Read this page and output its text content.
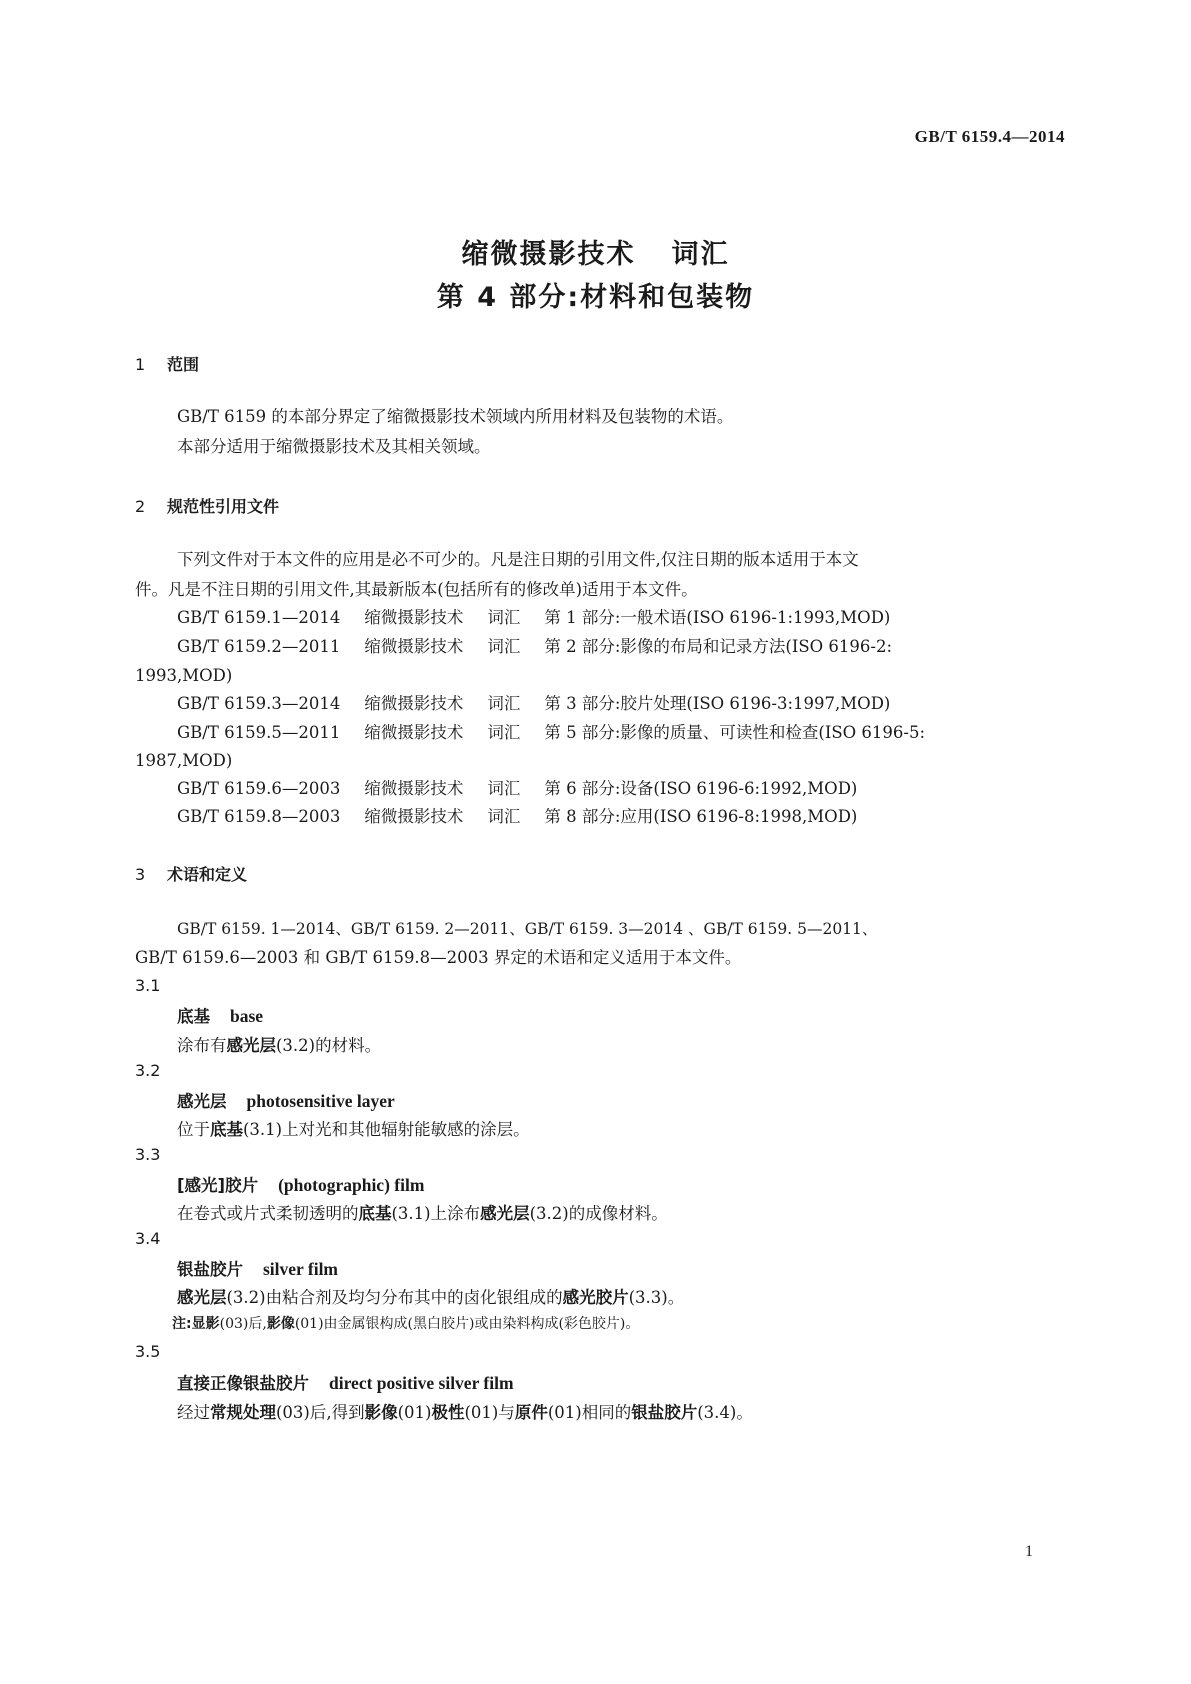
GB/T 6159.4—2014
缩微摄影技术 词汇
第 4 部分:材料和包装物
1 范围
GB/T 6159 的本部分界定了缩微摄影技术领域内所用材料及包装物的术语。
本部分适用于缩微摄影技术及其相关领域。
2 规范性引用文件
下列文件对于本文件的应用是必不可少的。凡是注日期的引用文件,仅注日期的版本适用于本文
件。凡是不注日期的引用文件,其最新版本(包括所有的修改单)适用于本文件。
GB/T 6159.1—2014 缩微摄影技术 词汇 第 1 部分:一般术语(ISO 6196-1:1993,MOD)
GB/T 6159.2—2011 缩微摄影技术 词汇 第 2 部分:影像的布局和记录方法(ISO 6196-2:
1993,MOD)
GB/T 6159.3—2014 缩微摄影技术 词汇 第 3 部分:胶片处理(ISO 6196-3:1997,MOD)
GB/T 6159.5—2011 缩微摄影技术 词汇 第 5 部分:影像的质量、可读性和检查(ISO 6196-5:
1987,MOD)
GB/T 6159.6—2003 缩微摄影技术 词汇 第 6 部分:设备(ISO 6196-6:1992,MOD)
GB/T 6159.8—2003 缩微摄影技术 词汇 第 8 部分:应用(ISO 6196-8:1998,MOD)
3 术语和定义
GB/T 6159. 1—2014、GB/T 6159. 2—2011、GB/T 6159. 3—2014 、GB/T 6159. 5—2011、
GB/T 6159.6—2003 和 GB/T 6159.8—2003 界定的术语和定义适用于本文件。
3.1
底基 base
涂布有感光层(3.2)的材料。
3.2
感光层 photosensitive layer
位于底基(3.1)上对光和其他辐射能敏感的涂层。
3.3
[感光]胶片 (photographic) film
在卷式或片式柔韧透明的底基(3.1)上涂布感光层(3.2)的成像材料。
3.4
银盐胶片 silver film
感光层(3.2)由粘合剂及均匀分布其中的卤化银组成的感光胶片(3.3)。
注:显影(03)后,影像(01)由金属银构成(黑白胶片)或由染料构成(彩色胶片)。
3.5
直接正像银盐胶片 direct positive silver film
经过常规处理(03)后,得到影像(01)极性(01)与原件(01)相同的银盐胶片(3.4)。
1
